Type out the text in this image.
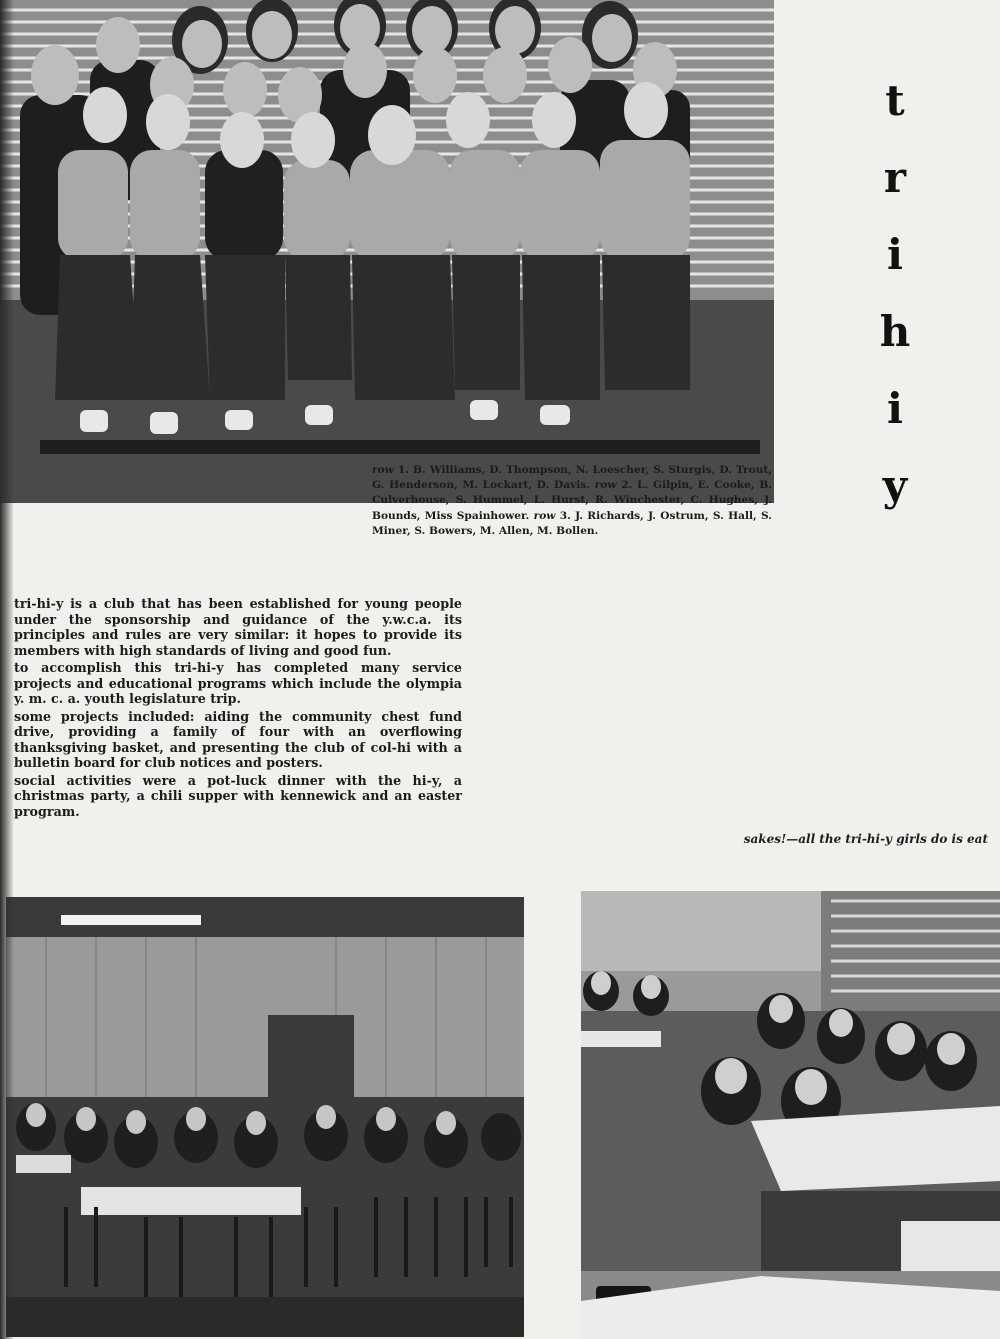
t
r
i
h
i
y
row 1. B. Williams, D. Thompson, N. Loescher, S. Sturgis, D. Trout, G. Henderson, M. Lockart, D. Davis. row 2. L. Gilpin, E. Cooke, B. Culverhouse, S. Hummel, L. Hurst, R. Winchester, C. Hughes, J. Bounds, Miss Spainhower. row 3. J. Richards, J. Ostrum, S. Hall, S. Miner, S. Bowers, M. Allen, M. Bollen.

tri-hi-y is a club that has been established for young people under the sponsorship and guidance of the y.w.c.a. its principles and rules are very similar: it hopes to provide its members with high standards of living and good fun.

to accomplish this tri-hi-y has completed many service projects and educational programs which include the olympia y. m. c. a. youth legislature trip.

some projects included: aiding the community chest fund drive, providing a family of four with an overflowing thanksgiving basket, and presenting the club of col-hi with a bulletin board for club notices and posters.

social activities were a pot-luck dinner with the hi-y, a christmas party, a chili supper with kennewick and an easter program.

sakes!—all the tri-hi-y girls do is eat
